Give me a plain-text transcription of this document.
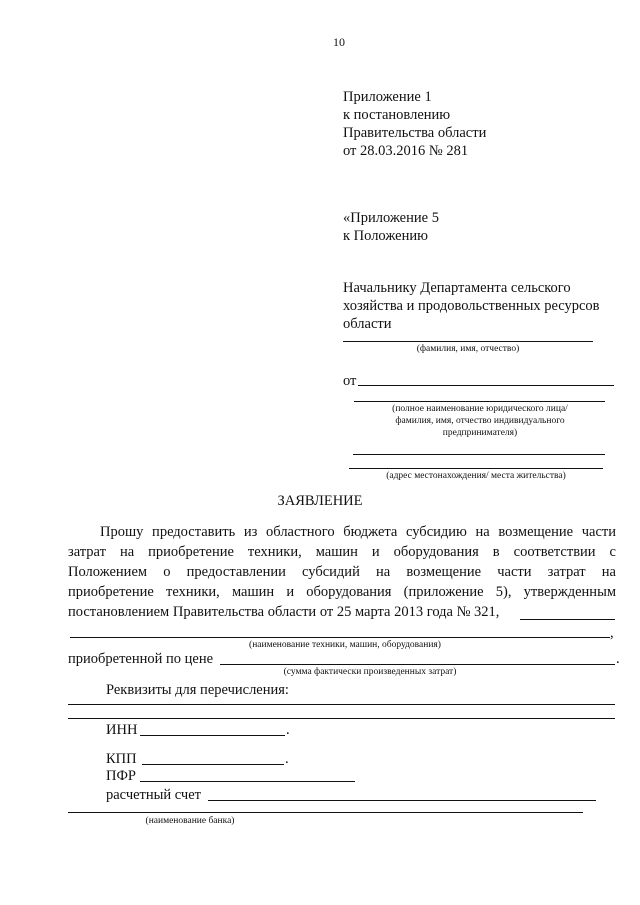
10
Приложение 1
к постановлению
Правительства области
от 28.03.2016 № 281
«Приложение 5
к Положению
Начальнику Департамента сельского
хозяйства и продовольственных ресурсов
области
(фамилия, имя, отчество)
от
(полное наименование юридического лица/
фамилия, имя, отчество индивидуального
предпринимателя)
(адрес местонахождения/ места жительства)
ЗАЯВЛЕНИЕ
Прошу предоставить из областного бюджета субсидию на возмещение части
затрат на приобретение техники, машин и оборудования в соответствии с
Положением о предоставлении субсидий на возмещение части затрат на
приобретение техники, машин и оборудования (приложение 5), утвержденным
постановлением Правительства области от 25 марта 2013 года № 321,
,
(наименование техники, машин, оборудования)
приобретенной по цене	.
(сумма фактически произведенных затрат)
Реквизиты для перечисления:
ИНН	.
КПП	.
ПФР
расчетный счет
(наименование банка)
